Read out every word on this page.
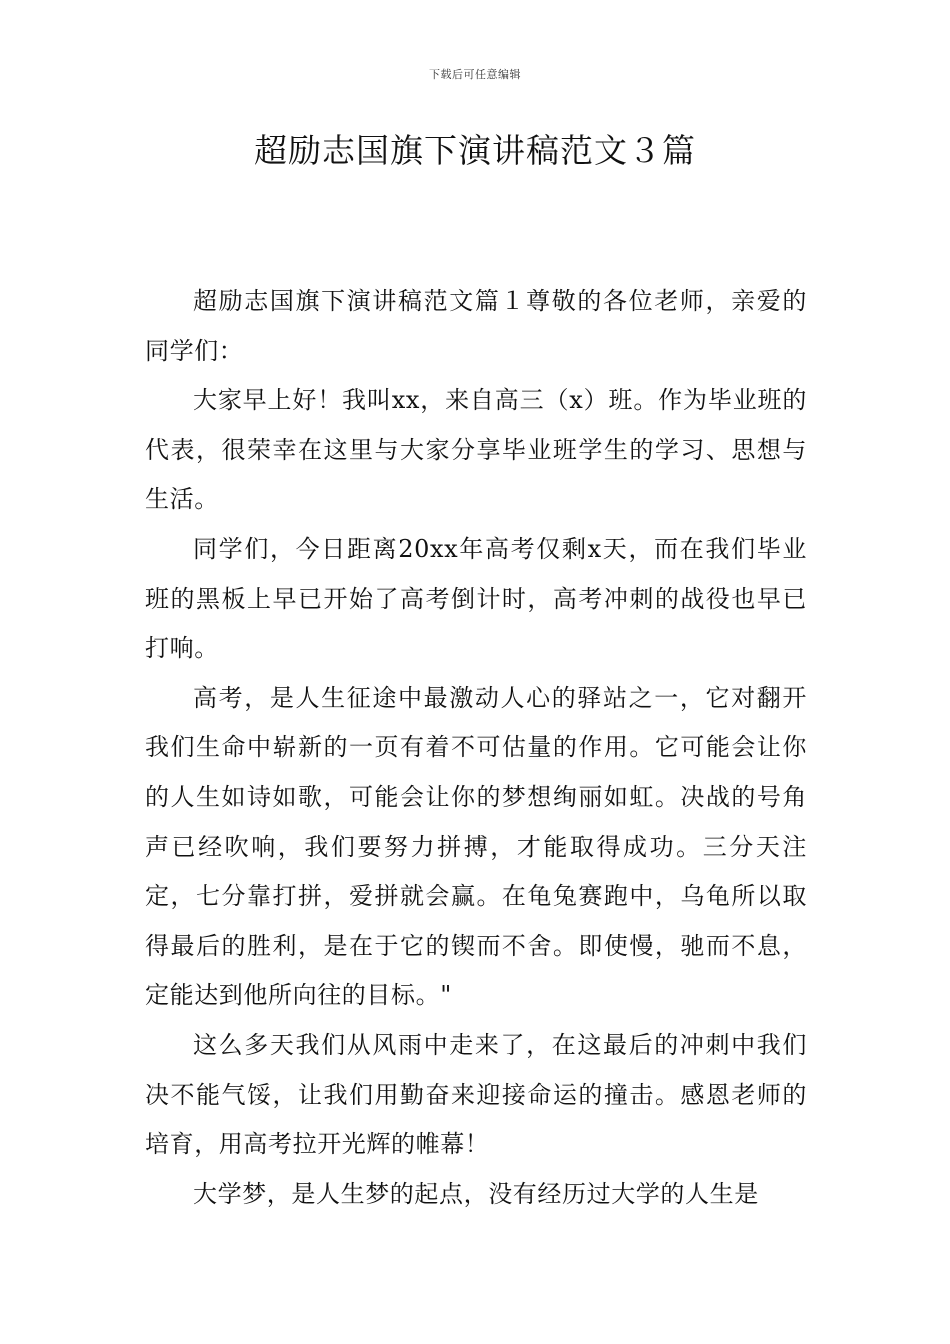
下载后可任意编辑
超励志国旗下演讲稿范文３篇

超励志国旗下演讲稿范文篇１尊敬的各位老师，亲爱的同学们：

大家早上好！我叫xx，来自高三（x）班。作为毕业班的代表，很荣幸在这里与大家分享毕业班学生的学习、思想与生活。

同学们，今日距离20xx年高考仅剩x天，而在我们毕业班的黑板上早已开始了高考倒计时，高考冲刺的战役也早已打响。

高考，是人生征途中最激动人心的驿站之一，它对翻开我们生命中崭新的一页有着不可估量的作用。它可能会让你的人生如诗如歌，可能会让你的梦想绚丽如虹。决战的号角声已经吹响，我们要努力拼搏，才能取得成功。三分天注定，七分靠打拼，爱拼就会赢。在龟兔赛跑中，乌龟所以取得最后的胜利，是在于它的锲而不舍。即使慢，驰而不息，定能达到他所向往的目标。"

这么多天我们从风雨中走来了，在这最后的冲刺中我们决不能气馁，让我们用勤奋来迎接命运的撞击。感恩老师的培育，用高考拉开光辉的帷幕！

大学梦，是人生梦的起点，没有经历过大学的人生是
